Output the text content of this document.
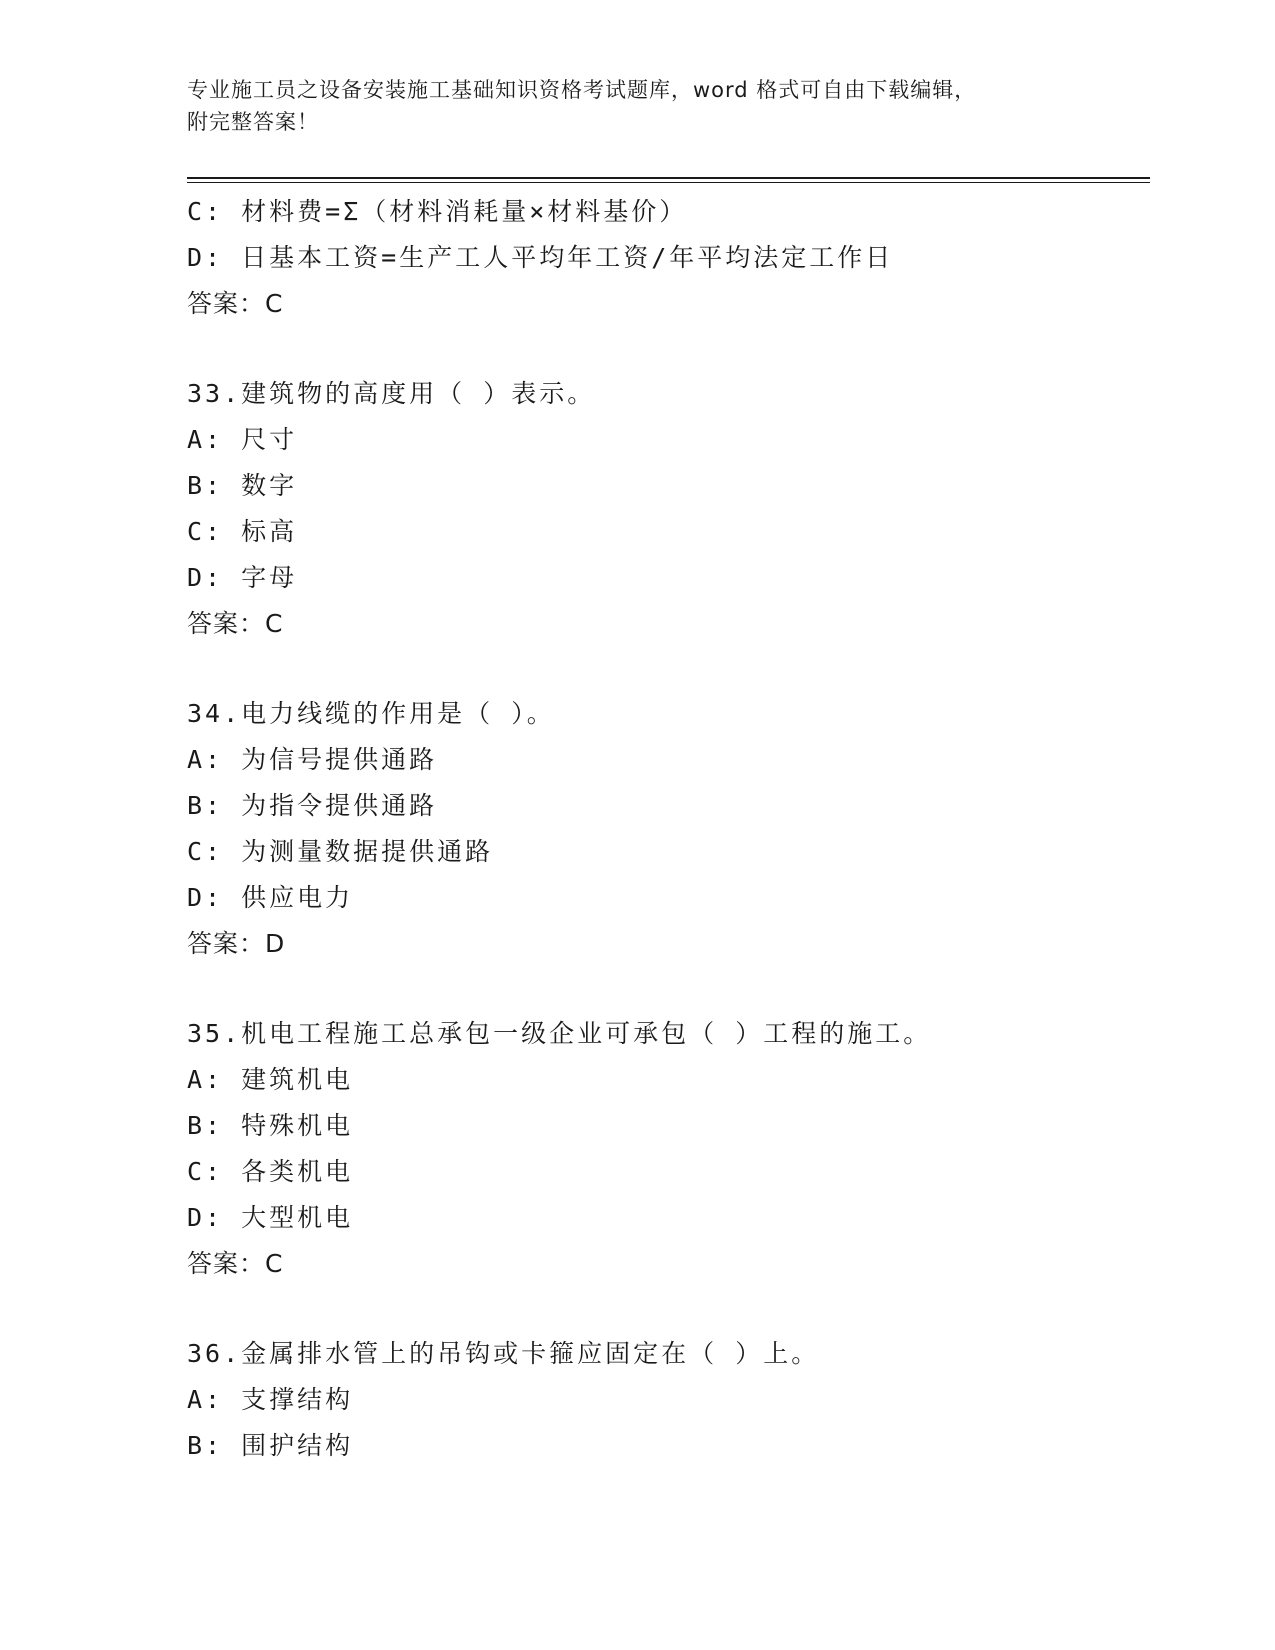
专业施工员之设备安装施工基础知识资格考试题库，word 格式可自由下载编辑，
附完整答案！
C: 材料费=Σ（材料消耗量×材料基价）
D: 日基本工资=生产工人平均年工资/年平均法定工作日
答案：C
33.建筑物的高度用（ ）表示。
A: 尺寸
B: 数字
C: 标高
D: 字母
答案：C
34.电力线缆的作用是（ ）。
A: 为信号提供通路
B: 为指令提供通路
C: 为测量数据提供通路
D: 供应电力
答案：D
35.机电工程施工总承包一级企业可承包（ ）工程的施工。
A: 建筑机电
B: 特殊机电
C: 各类机电
D: 大型机电
答案：C
36.金属排水管上的吊钩或卡箍应固定在（ ）上。
A: 支撑结构
B: 围护结构
